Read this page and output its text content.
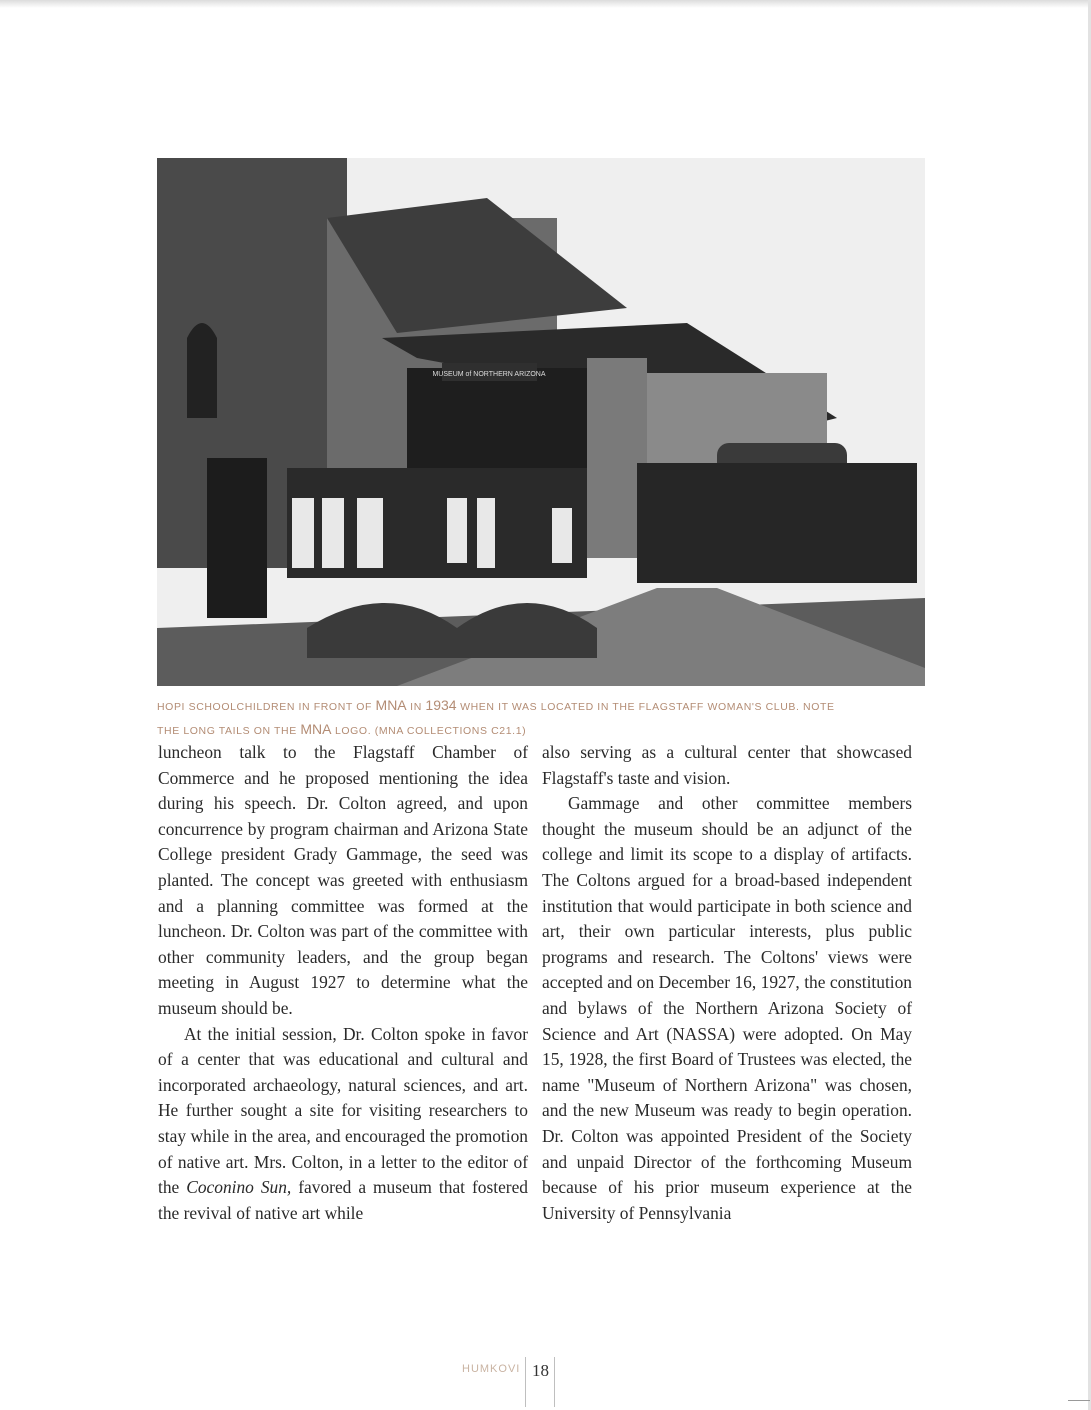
MUSEUM of NORTHERN ARIZONA
HOPI SCHOOLCHILDREN IN FRONT OF MNA IN 1934 WHEN IT WAS LOCATED IN THE FLAGSTAFF WOMAN'S CLUB. NOTE
THE LONG TAILS ON THE MNA LOGO. (MNA COLLECTIONS C21.1)

luncheon talk to the Flagstaff Chamber of Commerce and he proposed mentioning the idea during his speech. Dr. Colton agreed, and upon concurrence by program chairman and Arizona State College president Grady Gammage, the seed was planted. The concept was greeted with enthusiasm and a planning committee was formed at the luncheon. Dr. Colton was part of the committee with other community leaders, and the group began meeting in August 1927 to determine what the museum should be.

At the initial session, Dr. Colton spoke in favor of a center that was educational and cultural and incorporated archaeology, natural sciences, and art. He further sought a site for visiting researchers to stay while in the area, and encouraged the promotion of native art. Mrs. Colton, in a letter to the editor of the Coconino Sun, favored a museum that fostered the revival of native art while

also serving as a cultural center that showcased Flagstaff's taste and vision.

Gammage and other committee members thought the museum should be an adjunct of the college and limit its scope to a display of artifacts. The Coltons argued for a broad-based independent institution that would participate in both science and art, their own particular interests, plus public programs and research. The Coltons' views were accepted and on December 16, 1927, the constitution and bylaws of the Northern Arizona Society of Science and Art (NASSA) were adopted. On May 15, 1928, the first Board of Trustees was elected, the name "Museum of Northern Arizona" was chosen, and the new Museum was ready to begin operation. Dr. Colton was appointed President of the Society and unpaid Director of the forthcoming Museum because of his prior museum experience at the University of Pennsylvania

HUMKOVI 18
